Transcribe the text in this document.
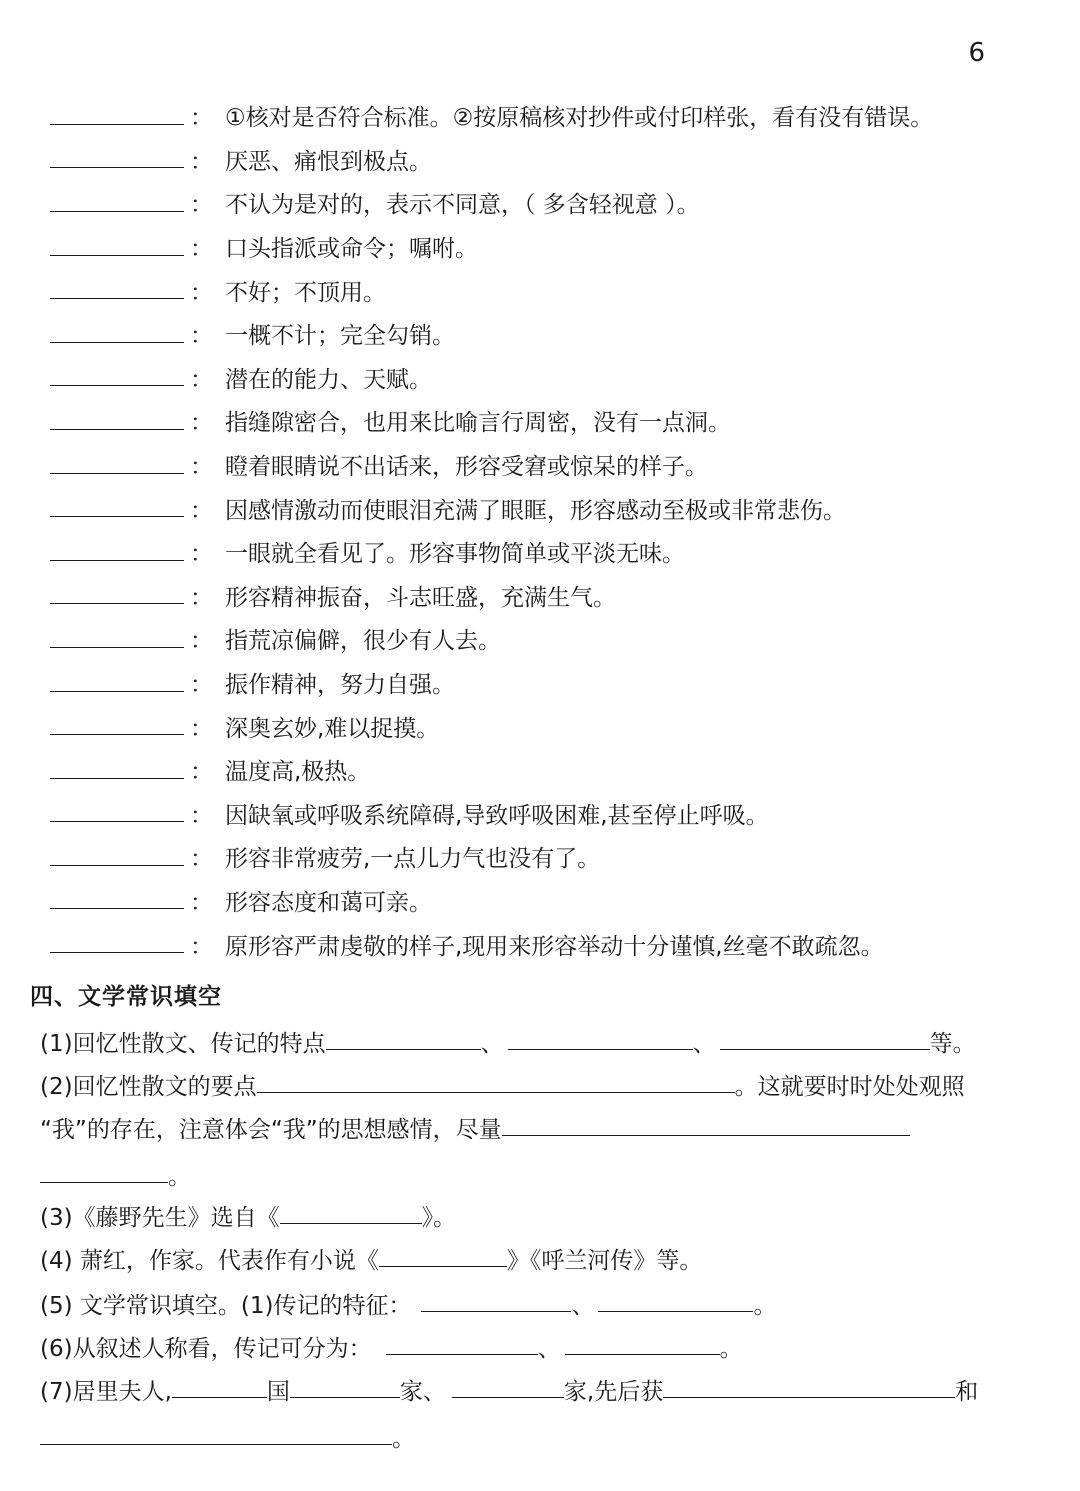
6
： ①核对是否符合标准。②按原稿核对抄件或付印样张，看有没有错误。
： 厌恶、痛恨到极点。
： 不认为是对的，表示不同意，（ 多含轻视意 ）。
： 口头指派或命令；嘱咐。
： 不好；不顶用。
： 一概不计；完全勾销。
： 潜在的能力、天赋。
： 指缝隙密合，也用来比喻言行周密，没有一点洞。
： 瞪着眼睛说不出话来，形容受窘或惊呆的样子。
： 因感情激动而使眼泪充满了眼眶，形容感动至极或非常悲伤。
： 一眼就全看见了。形容事物简单或平淡无味。
： 形容精神振奋，斗志旺盛，充满生气。
： 指荒凉偏僻，很少有人去。
： 振作精神，努力自强。
： 深奥玄妙,难以捉摸。
： 温度高,极热。
： 因缺氧或呼吸系统障碍,导致呼吸困难,甚至停止呼吸。
： 形容非常疲劳,一点儿力气也没有了。
： 形容态度和蔼可亲。
： 原形容严肃虔敬的样子,现用来形容举动十分谨慎,丝毫不敢疏忽。
四、文学常识填空
(1)回忆性散文、传记的特点	、	、	等。
(2)回忆性散文的要点	。这就要时时处处观照
“我”的存在，注意体会“我”的思想感情，尽量
。
(3)《藤野先生》选自《	》。
(4) 萧红，作家。代表作有小说《	》《呼兰河传》等。
(5) 文学常识填空。(1)传记的特征：	、	。
(6)从叙述人称看，传记可分为：	、	。
(7)居里夫人,	国	家、	家,先后获	和
。
